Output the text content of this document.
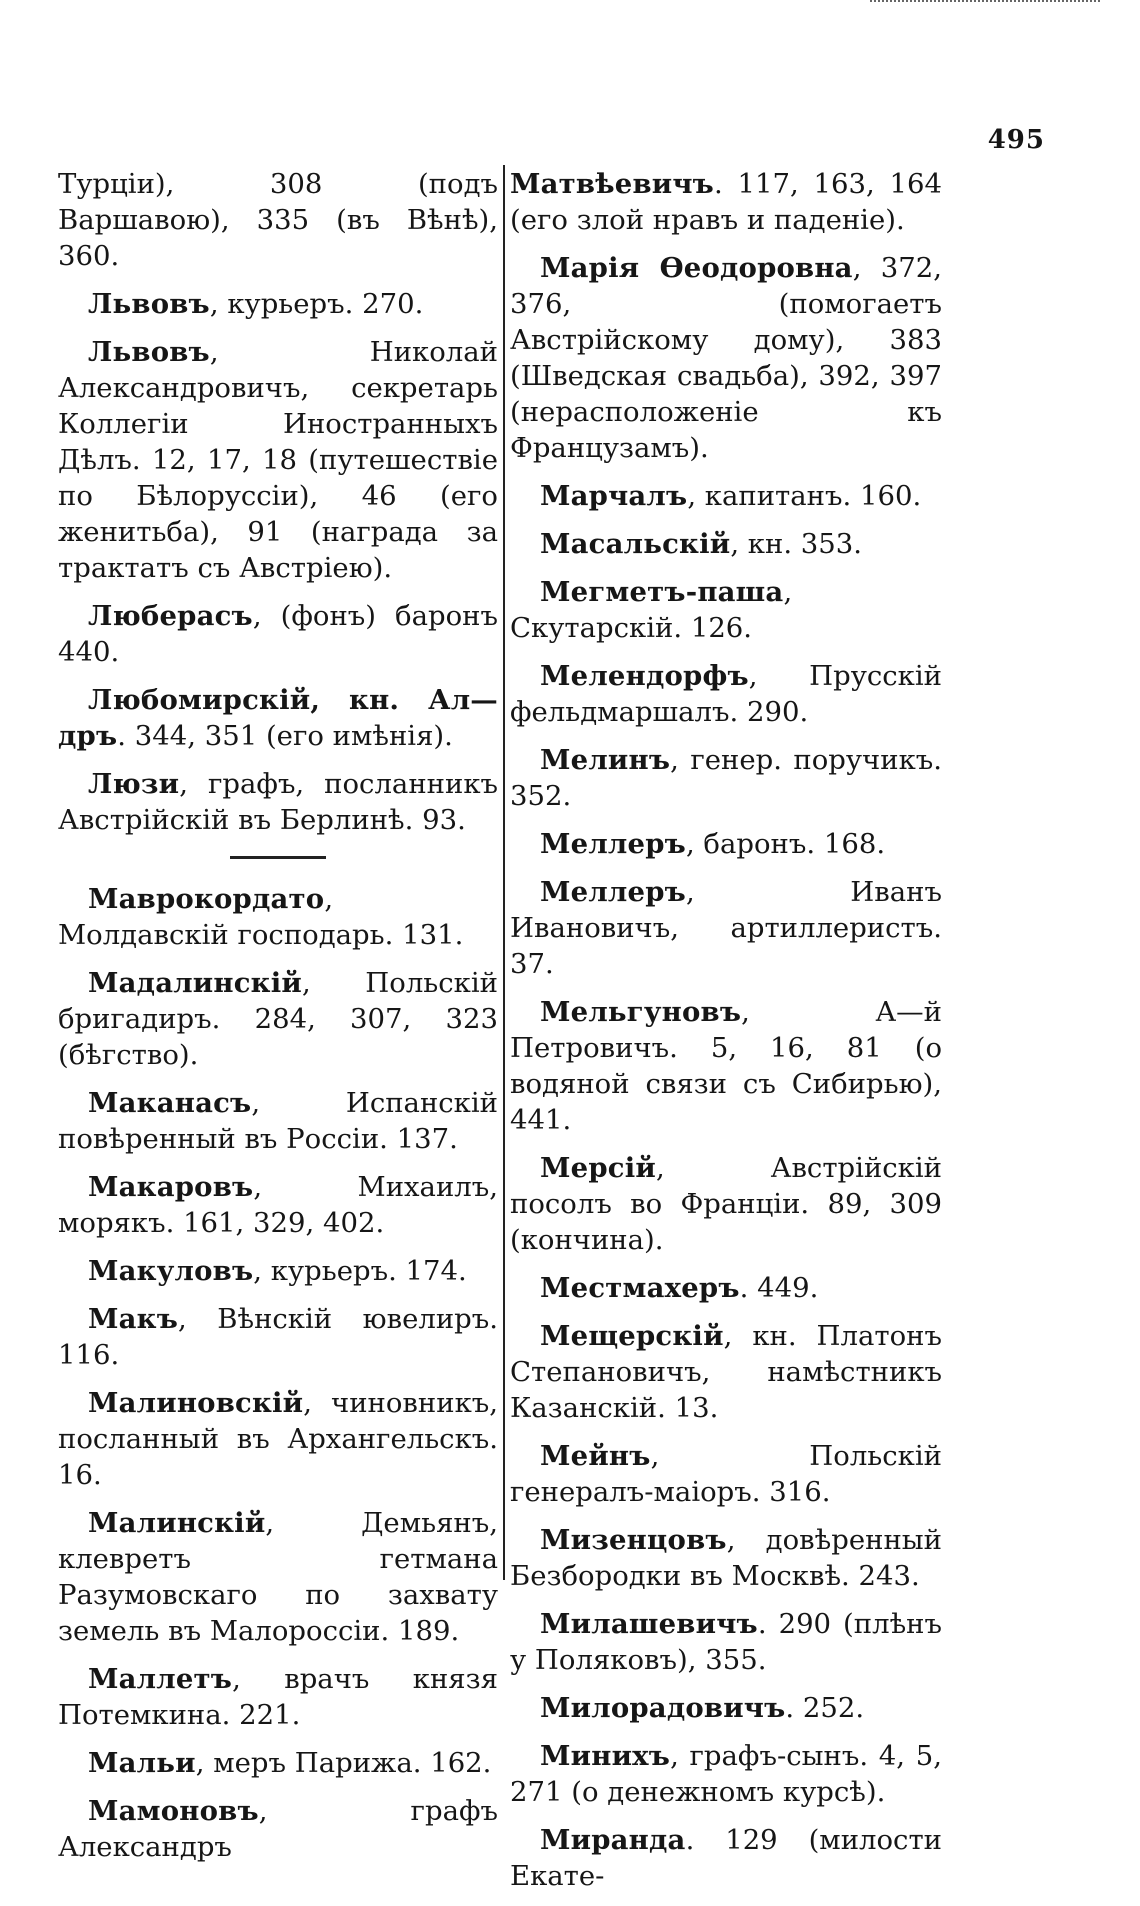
495

Турціи), 308 (подъ Варшавою), 335 (въ Вѣнѣ), 360.

Львовъ, курьеръ. 270.

Львовъ, Николай Александровичъ, секретарь Коллегіи Иностранныхъ Дѣлъ. 12, 17, 18 (путешествіе по Бѣлоруссіи), 46 (его женитьба), 91 (награда за трактатъ съ Австріею).

Люберасъ, (фонъ) баронъ 440.

Любомирскій, кн. Ал—дръ. 344, 351 (его имѣнія).

Люзи, графъ, посланникъ Австрійскій въ Берлинѣ. 93.

Маврокордато, Молдавскій господарь. 131.

Мадалинскій, Польскій бригадиръ. 284, 307, 323 (бѣгство).

Маканасъ, Испанскій повѣренный въ Россіи. 137.

Макаровъ, Михаилъ, морякъ. 161, 329, 402.

Макуловъ, курьеръ. 174.

Макъ, Вѣнскій ювелиръ. 116.

Малиновскій, чиновникъ, посланный въ Архангельскъ. 16.

Малинскій, Демьянъ, клевретъ гетмана Разумовскаго по захвату земель въ Малороссіи. 189.

Маллетъ, врачъ князя Потемкина. 221.

Мальи, меръ Парижа. 162.

Мамоновъ, графъ Александръ

Матвѣевичъ. 117, 163, 164 (его злой нравъ и паденіе).

Марія Ѳеодоровна, 372, 376, (помогаетъ Австрійскому дому), 383 (Шведская свадьба), 392, 397 (нерасположеніе къ Французамъ).

Марчалъ, капитанъ. 160.

Масальскій, кн. 353.

Мегметъ-паша, Скутарскій. 126.

Мелендорфъ, Прусскій фельдмаршалъ. 290.

Мелинъ, генер. поручикъ. 352.

Меллеръ, баронъ. 168.

Меллеръ, Иванъ Ивановичъ, артиллеристъ. 37.

Мельгуновъ, А—й Петровичъ. 5, 16, 81 (о водяной связи съ Сибирью), 441.

Мерсій, Австрійскій посолъ во Франціи. 89, 309 (кончина).

Местмахеръ. 449.

Мещерскій, кн. Платонъ Степановичъ, намѣстникъ Казанскій. 13.

Мейнъ, Польскій генералъ-маіоръ. 316.

Мизенцовъ, довѣренный Безбородки въ Москвѣ. 243.

Милашевичъ. 290 (плѣнъ у Поляковъ), 355.

Милорадовичъ. 252.

Минихъ, графъ-сынъ. 4, 5, 271 (о денежномъ курсѣ).

Миранда. 129 (милости Екате-
